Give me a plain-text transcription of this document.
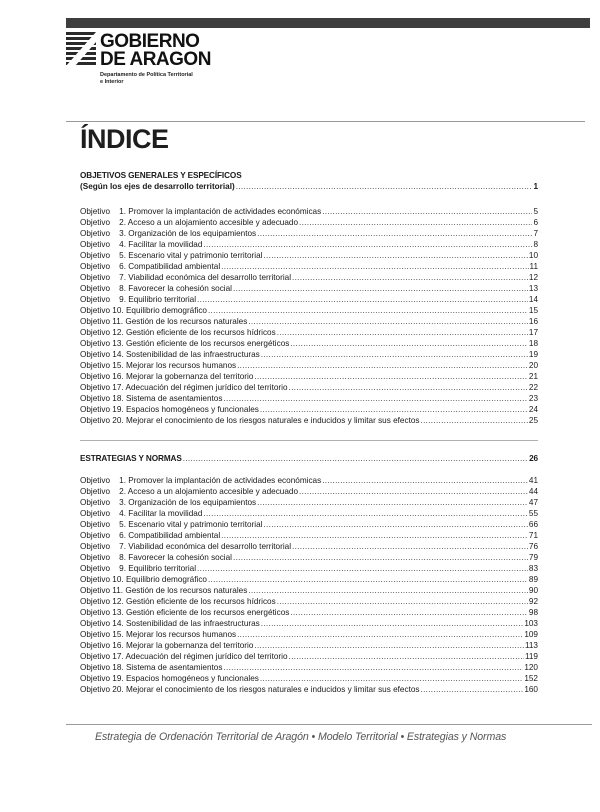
GOBIERNO
DE ARAGON
Departamento de Política Territorial
e Interior
ÍNDICE
OBJETIVOS GENERALES Y ESPECÍFICOS
(Según los ejes de desarrollo territorial) .....	1
Objetivo    1. Promover la implantación de actividades económicas .....	5
Objetivo    2. Acceso a un alojamiento accesible y adecuado .....	6
Objetivo    3. Organización de los equipamientos .....	7
Objetivo    4. Facilitar la movilidad .....	8
Objetivo    5. Escenario vital y patrimonio territorial .....	10
Objetivo    6. Compatibilidad ambiental .....	11
Objetivo    7. Viabilidad económica del desarrollo territorial .....	12
Objetivo    8. Favorecer la cohesión social .....	13
Objetivo    9. Equilibrio territorial .....	14
Objetivo 10. Equilibrio demográfico .....	15
Objetivo 11. Gestión de los recursos naturales .....	16
Objetivo 12. Gestión eficiente de los recursos hídricos .....	17
Objetivo 13. Gestión eficiente de los recursos energéticos .....	18
Objetivo 14. Sostenibilidad de las infraestructuras .....	19
Objetivo 15. Mejorar los recursos humanos .....	20
Objetivo 16. Mejorar la gobernanza del territorio .....	21
Objetivo 17. Adecuación del régimen jurídico del territorio .....	22
Objetivo 18. Sistema de asentamientos .....	23
Objetivo 19. Espacios homogéneos y funcionales .....	24
Objetivo 20. Mejorar el conocimiento de los riesgos naturales e inducidos y limitar sus efectos .....	25
ESTRATEGIAS Y NORMAS .....	26
Objetivo    1. Promover la implantación de actividades económicas .....	41
Objetivo    2. Acceso a un alojamiento accesible y adecuado .....	44
Objetivo    3. Organización de los equipamientos .....	47
Objetivo    4. Facilitar la movilidad .....	55
Objetivo    5. Escenario vital y patrimonio territorial .....	66
Objetivo    6. Compatibilidad ambiental .....	71
Objetivo    7. Viabilidad económica del desarrollo territorial .....	76
Objetivo    8. Favorecer la cohesión social .....	79
Objetivo    9. Equilibrio territorial .....	83
Objetivo 10. Equilibrio demográfico .....	89
Objetivo 11. Gestión de los recursos naturales .....	90
Objetivo 12. Gestión eficiente de los recursos hídricos .....	92
Objetivo 13. Gestión eficiente de los recursos energéticos .....	98
Objetivo 14. Sostenibilidad de las infraestructuras .....	103
Objetivo 15. Mejorar los recursos humanos .....	109
Objetivo 16. Mejorar la gobernanza del territorio .....	113
Objetivo 17. Adecuación del régimen jurídico del territorio .....	119
Objetivo 18. Sistema de asentamientos .....	120
Objetivo 19. Espacios homogéneos y funcionales .....	152
Objetivo 20. Mejorar el conocimiento de los riesgos naturales e inducidos y limitar sus efectos .....	160
Estrategia de Ordenación Territorial de Aragón • Modelo Territorial • Estrategias y Normas
